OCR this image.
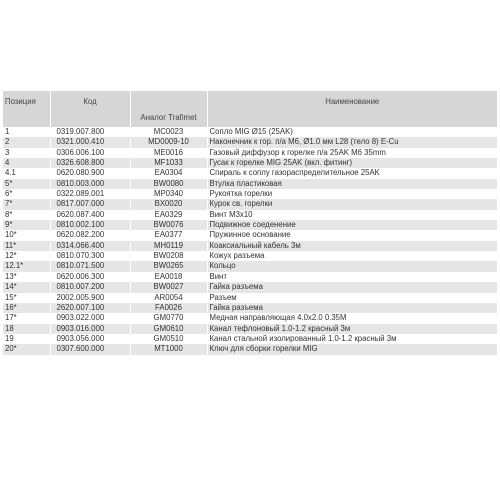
Позиция	Код	Аналог Trafimet	Наименование
1	0319.007.800	MC0023	Сопло MIG Ø15 (25AK)
2	0321.000.410	MD0009-10	Наконечник к гор. п/а М6, Ø1.0 мм L28 (тело 8) E-Cu
3	0306.006.100	ME0016	Газовый диффузор к горелке п/а 25AK M6 35mm
4	0326.608.800	MF1033	Гусак к горелке MIG 25AK (вкл. фитинг)
4.1	0620.080.900	EA0304	Спираль к соплу газораспределительное 25AK
5*	0810.003.000	BW0080	Втулка пластиковая
6*	0322.089.001	MP0340	Рукоятка горелки
7*	0817.007.000	BX0020	Курок св. горелки
8*	0620.087.400	EA0329	Винт M3x10
9*	0810.002.100	BW0076	Подвижное соеденение
10*	0620.082.200	EA0377	Пружинное основание
11*	0314.066.400	MH0119	Коаксиальный кабель 3м
12*	0810.070.300	BW0208	Кожух разъема
12.1*	0810.071.500	BW0265	Кольцо
13*	0620.006.300	EA0018	Винт
14*	0810.007.200	BW0027	Гайка разъема
15*	2002.005.900	AR0054	Разъем
16*	2620.007.100	FA0026	Гайка разъема
17*	0903.022.000	GM0770	Медная направляющая 4.0x2.0 0.35M
18	0903.016.000	GM0610	Канал тефлоновый 1.0-1.2 красный 3м
19	0903.056.000	GM0510	Канал стальной изолированный 1.0-1.2 красный 3м
20*	0307.600.000	MT1000	Ключ для сборки горелки MIG
